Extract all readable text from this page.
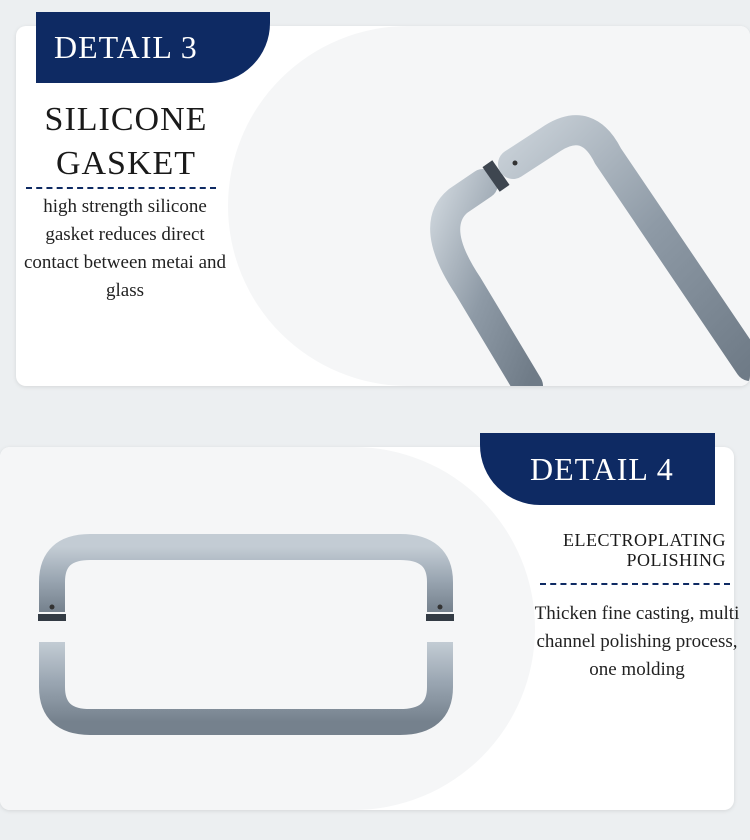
DETAIL 3
SILICONE
GASKET
high strength silicone gasket reduces direct contact between metai and glass
DETAIL 4
ELECTROPLATING
POLISHING
Thicken fine casting, multi channel polishing process, one molding
